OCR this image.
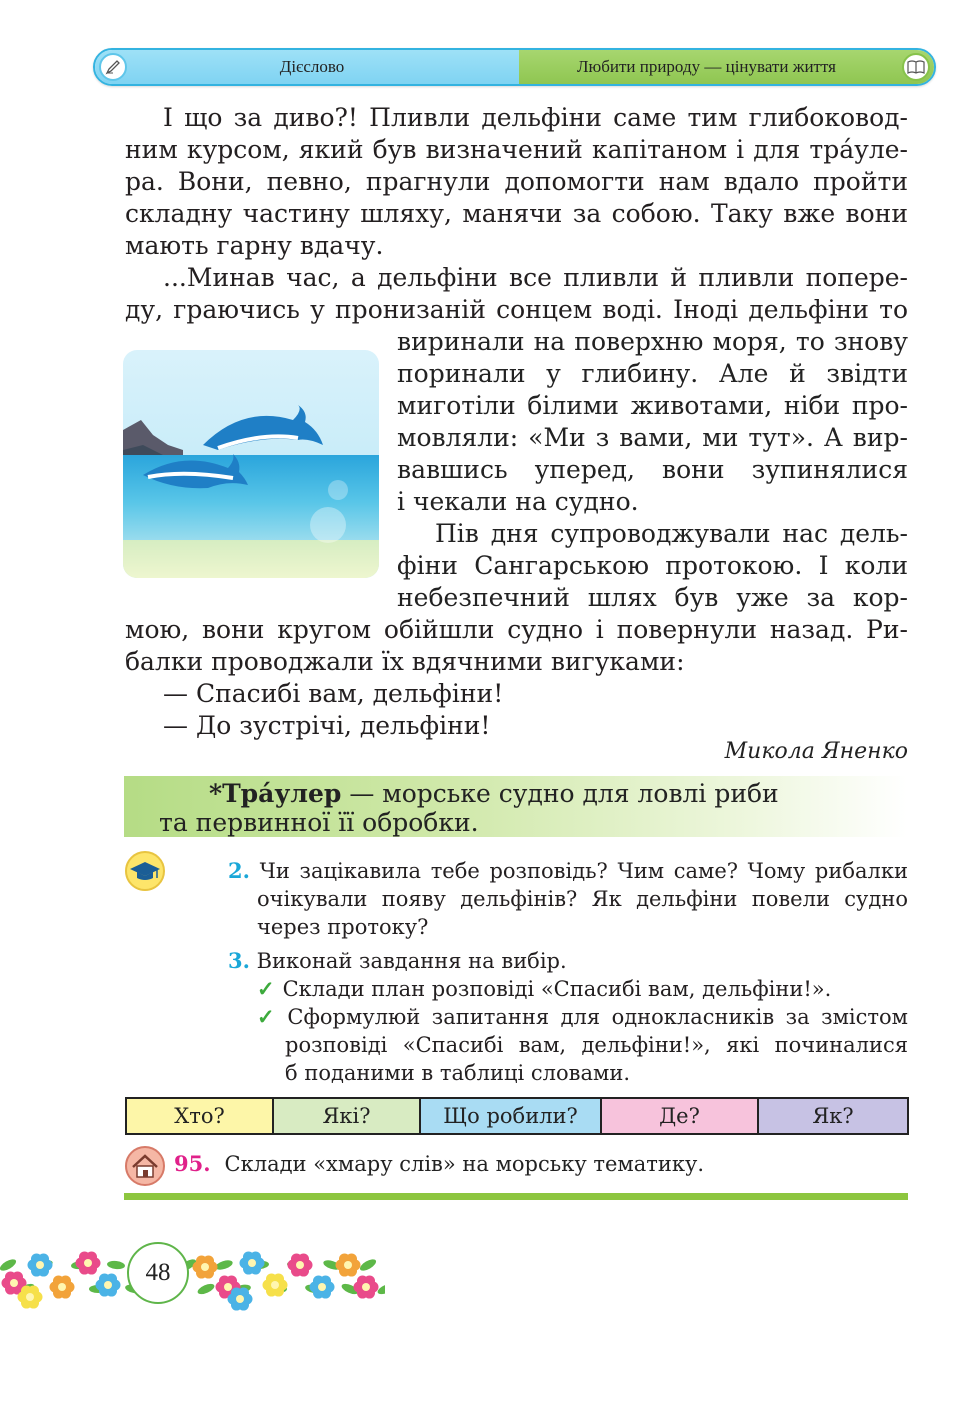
Дієслово	Любити природу — цінувати життя
І що за диво?! Пливли дельфіни саме тим глибоковод-
ним курсом, який був визначений капітаном і для тра́уле-
ра. Вони, певно, прагнули допомогти нам вдало пройти
складну частину шляху, манячи за собою. Таку вже вони
мають гарну вдачу.
...Минав час, а дельфіни все пливли й пливли попере-
ду, граючись у пронизаній сонцем воді. Іноді дельфіни то
виринали на поверхню моря, то знову
поринали у глибину. Але й звідти
миготіли білими животами, ніби про-
мовляли: «Ми з вами, ми тут». А вир-
вавшись уперед, вони зупинялися
і чекали на судно.
Пів дня супроводжували нас дель-
фіни Сангарською протокою. І коли
небезпечний шлях був уже за кор-
мою, вони кругом обійшли судно і повернули назад. Ри-
балки проводжали їх вдячними вигуками:
— Спасибі вам, дельфіни!
— До зустрічі, дельфіни!
Микола Яненко
*Тра́улер — морське судно для ловлі риби
та первинної її обробки.
2. Чи зацікавила тебе розповідь? Чим саме? Чому рибалки
очікували появу дельфінів? Як дельфіни повели судно
через протоку?
3. Виконай завдання на вибір.
✓ Склади план розповіді «Спасибі вам, дельфіни!».
✓ Сформулюй запитання для однокласників за змістом
розповіді «Спасибі вам, дельфіни!», які починалися
б поданими в таблиці словами.
Хто?	Які?	Що робили?	Де?	Як?
95. Склади «хмару слів» на морську тематику.
48
